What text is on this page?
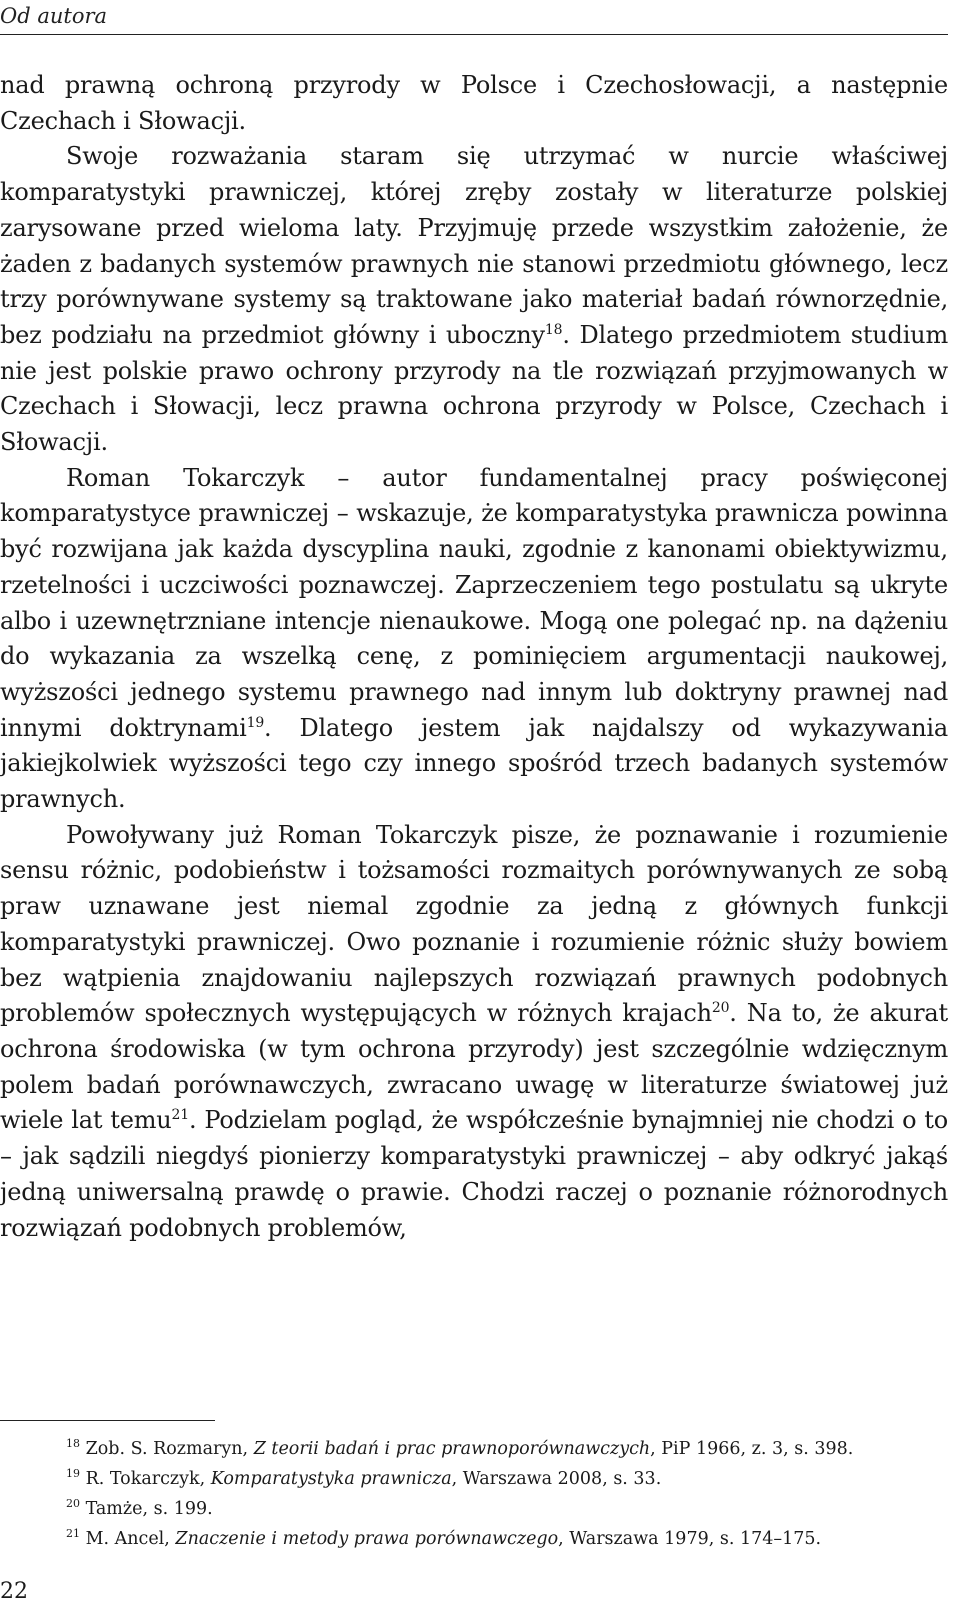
Od autora

nad prawną ochroną przyrody w Polsce i Czechosłowacji, a następnie Czechach i Słowacji.

Swoje rozważania staram się utrzymać w nurcie właściwej komparatystyki prawniczej, której zręby zostały w literaturze polskiej zarysowane przed wieloma laty. Przyjmuję przede wszystkim założenie, że żaden z badanych systemów prawnych nie stanowi przedmiotu głównego, lecz trzy porównywane systemy są traktowane jako materiał badań równorzędnie, bez podziału na przedmiot główny i uboczny$^{18}$. Dlatego przedmiotem studium nie jest polskie prawo ochrony przyrody na tle rozwiązań przyjmowanych w Czechach i Słowacji, lecz prawna ochrona przyrody w Polsce, Czechach i Słowacji.

Roman Tokarczyk – autor fundamentalnej pracy poświęconej komparatystyce prawniczej – wskazuje, że komparatystyka prawnicza powinna być rozwijana jak każda dyscyplina nauki, zgodnie z kanonami obiektywizmu, rzetelności i uczciwości poznawczej. Zaprzeczeniem tego postulatu są ukryte albo i uzewnętrzniane intencje nienaukowe. Mogą one polegać np. na dążeniu do wykazania za wszelką cenę, z pominięciem argumentacji naukowej, wyższości jednego systemu prawnego nad innym lub doktryny prawnej nad innymi doktrynami$^{19}$. Dlatego jestem jak najdalszy od wykazywania jakiejkolwiek wyższości tego czy innego spośród trzech badanych systemów prawnych.

Powoływany już Roman Tokarczyk pisze, że poznawanie i rozumienie sensu różnic, podobieństw i tożsamości rozmaitych porównywanych ze sobą praw uznawane jest niemal zgodnie za jedną z głównych funkcji komparatystyki prawniczej. Owo poznanie i rozumienie różnic służy bowiem bez wątpienia znajdowaniu najlepszych rozwiązań prawnych podobnych problemów społecznych występujących w różnych krajach$^{20}$. Na to, że akurat ochrona środowiska (w tym ochrona przyrody) jest szczególnie wdzięcznym polem badań porównawczych, zwracano uwagę w literaturze światowej już wiele lat temu$^{21}$. Podzielam pogląd, że współcześnie bynajmniej nie chodzi o to – jak sądzili niegdyś pionierzy komparatystyki prawniczej – aby odkryć jakąś jedną uniwersalną prawdę o prawie. Chodzi raczej o poznanie różnorodnych rozwiązań podobnych problemów,

$^{18}$ Zob. S. Rozmaryn, Z teorii badań i prac prawnoporównawczych, PiP 1966, z. 3, s. 398.

$^{19}$ R. Tokarczyk, Komparatystyka prawnicza, Warszawa 2008, s. 33.

$^{20}$ Tamże, s. 199.

$^{21}$ M. Ancel, Znaczenie i metody prawa porównawczego, Warszawa 1979, s. 174–175.

22
